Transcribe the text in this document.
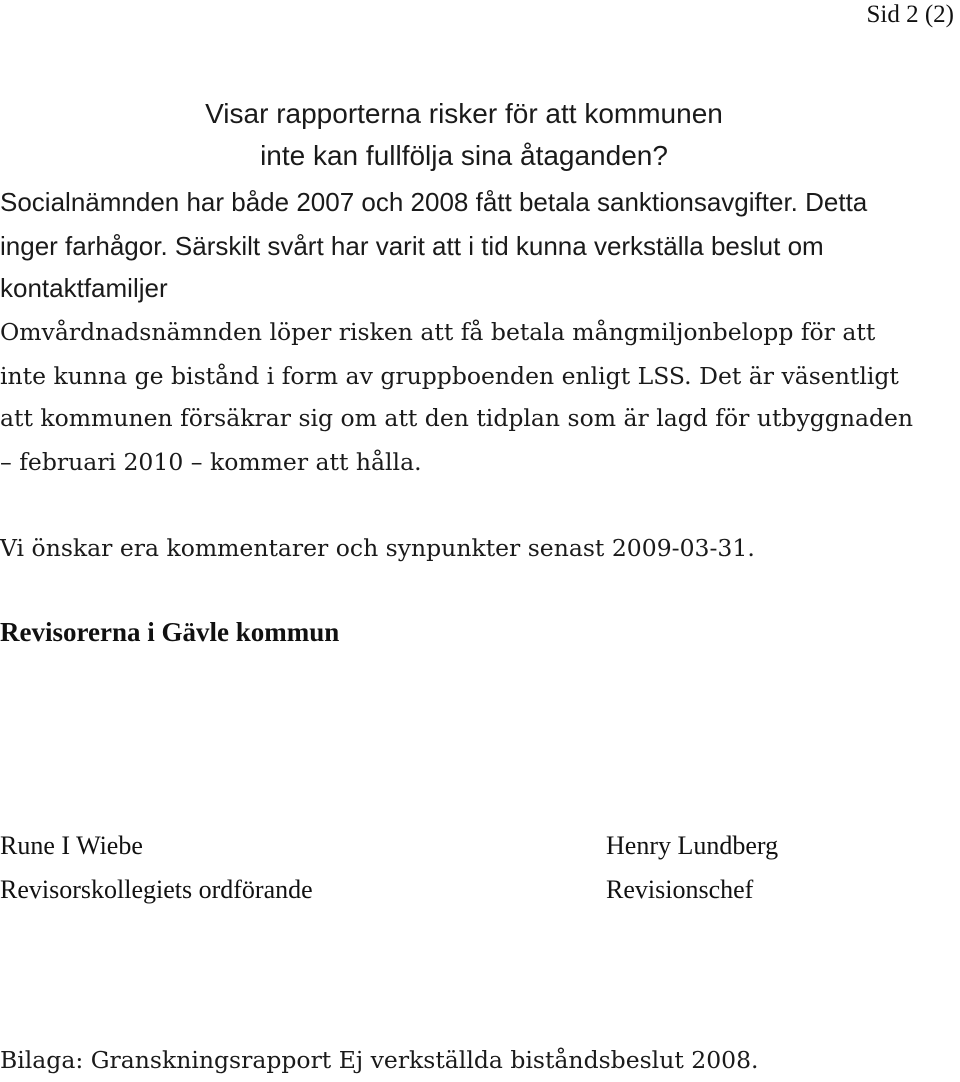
Sid 2 (2)
Visar rapporterna risker för att kommunen
inte kan fullfölja sina åtaganden?
Socialnämnden har både 2007 och 2008 fått betala sanktionsavgifter. Detta
inger farhågor. Särskilt svårt har varit att i tid kunna verkställa beslut om
kontaktfamiljer
Omvårdnadsnämnden löper risken att få betala mångmiljonbelopp för att
inte kunna ge bistånd i form av gruppboenden enligt LSS. Det är väsentligt
att kommunen försäkrar sig om att den tidplan som är lagd för utbyggnaden
– februari 2010 – kommer att hålla.
Vi önskar era kommentarer och synpunkter senast 2009-03-31.
Revisorerna i Gävle kommun
Rune I Wiebe
Revisorskollegiets ordförande
Henry Lundberg
Revisionschef
Bilaga: Granskningsrapport Ej verkställda biståndsbeslut 2008.
